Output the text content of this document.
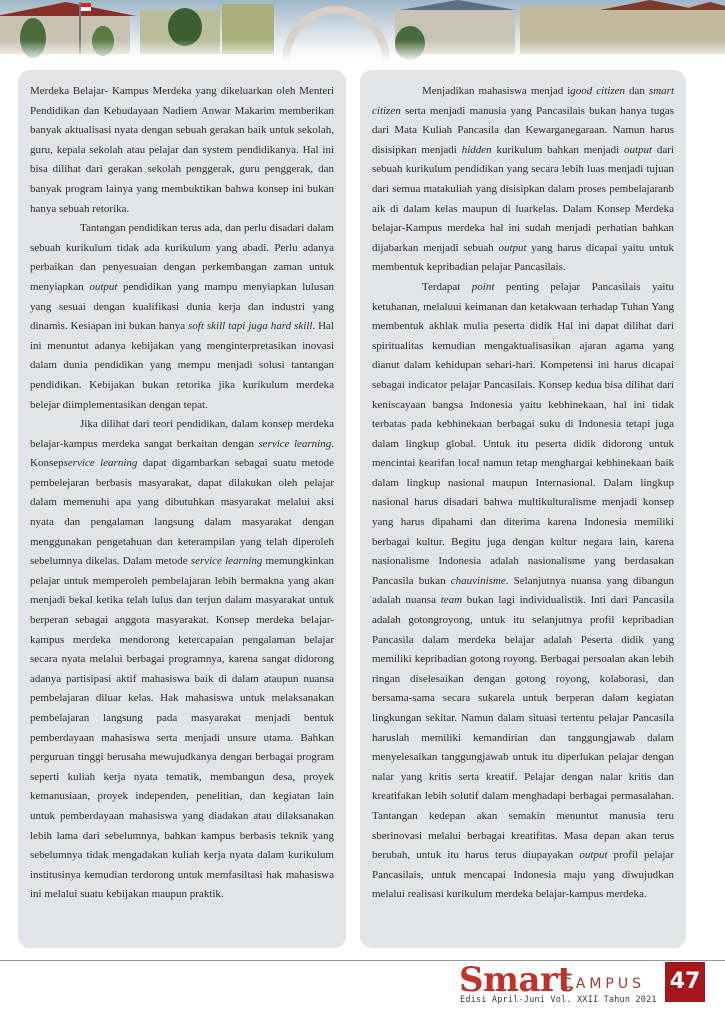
Merdeka Belajar- Kampus Merdeka yang dikeluarkan oleh Menteri Pendidikan dan Kebudayaan Nadiem Anwar Makarim memberikan banyak aktualisasi nyata dengan sebuah gerakan baik untuk sekolah, guru, kepala sekolah atau pelajar dan system pendidikanya. Hal ini bisa dilihat dari gerakan sekolah penggerak, guru penggerak, dan banyak program lainya yang membuktikan bahwa konsep ini bukan hanya sebuah retorika.

Tantangan pendidikan terus ada, dan perlu disadari dalam sebuah kurikulum tidak ada kurikulum yang abadi. Perlu adanya perbaikan dan penyesuaian dengan perkembangan zaman untuk menyiapkan output pendidikan yang mampu menyiapkan lulusan yang sesuai dengan kualifikasi dunia kerja dan industri yang dinamis. Kesiapan ini bukan hanya soft skill tapi juga hard skill. Hal ini menuntut adanya kebijakan yang menginterpretasikan inovasi dalam dunia pendidikan yang mempu menjadi solusi tantangan pendidikan. Kebijakan bukan retorika jika kurikulum merdeka belejar diimplementasikan dengan tepat.

Jika dilihat dari teori pendidikan, dalam konsep merdeka belajar-kampus merdeka sangat berkaitan dengan service learning. Konsepservice learning dapat digambarkan sebagai suatu metode pembelejaran berbasis masyarakat, dapat dilakukan oleh pelajar dalam memenuhi apa yang dibutuhkan masyarakat melalui aksi nyata dan pengalaman langsung dalam masyarakat dengan menggunakan pengetahuan dan keterampilan yang telah diperoleh sebelumnya dikelas. Dalam metode service learning memungkinkan pelajar untuk memperoleh pembelajaran lebih bermakna yang akan menjadi bekal ketika telah lulus dan terjun dalam masyarakat untuk berperan sebagai anggota masyarakat. Konsep merdeka belajar-kampus merdeka mendorong ketercapaian pengalaman belajar secara nyata melalui berbagai programnya, karena sangat didorong adanya partisipasi aktif mahasiswa baik di dalam ataupun nuansa pembelajaran diluar kelas. Hak mahasiswa untuk melaksanakan pembelajaran langsung pada masyarakat menjadi bentuk pemberdayaan mahasiswa serta menjadi unsure utama. Bahkan perguruan tinggi berusaha mewujudkanya dengan berbagai program seperti kuliah kerja nyata tematik, membangun desa, proyek kemanusiaan, proyek independen, penelitian, dan kegiatan lain untuk pemberdayaan mahasiswa yang diadakan atau dilaksanakan lebih lama dari sebelumnya, bahkan kampus berbasis teknik yang sebelumnya tidak mengadakan kuliah kerja nyata dalam kurikulum institusinya kemudian terdorong untuk memfasiltasi hak mahasiswa ini melalui suatu kebijakan maupun praktik.

Menjadikan mahasiswa menjad igood citizen dan smart citizen serta menjadi manusia yang Pancasilais bukan hanya tugas dari Mata Kuliah Pancasila dan Kewarganegaraan. Namun harus disisipkan menjadi hidden kurikulum bahkan menjadi output dari sebuah kurikulum pendidikan yang secara lebih luas menjadi tujuan dari semua matakuliah yang disisipkan dalam proses pembelajaranb aik di dalam kelas maupun di luarkelas. Dalam Konsep Merdeka belajar-Kampus merdeka hal ini sudah menjadi perhatian bahkan dijabarkan menjadi sebuah output yang harus dicapai yaitu untuk membentuk kepribadian pelajar Pancasilais.

Terdapat point penting pelajar Pancasilais yaitu ketuhanan, melaluui keimanan dan ketakwaan terhadap Tuhan Yang membentuk akhlak mulia peserta didik Hal ini dapat dilihat dari spiritualitas kemudian mengaktualisasikan ajaran agama yang dianut dalam kehidupan sehari-hari. Kompetensi ini harus dicapai sebagai indicator pelajar Pancasilais. Konsep kedua bisa dilihat dari keniscayaan bangsa Indonesia yaitu kebhinekaan, hal ini tidak terbatas pada kebhinekaan berbagai suku di Indonesia tetapi juga dalam lingkup global. Untuk itu peserta didik didorong untuk mencintai kearifan local namun tetap menghargai kebhinekaan baik dalam lingkup nasional maupun Internasional. Dalam lingkup nasional harus disadari bahwa multikulturalisme menjadi konsep yang harus dipahami dan diterima karena Indonesia memiliki berbagai kultur. Begitu juga dengan kultur negara lain, karena nasionalisme Indonesia adalah nasionalisme yang berdasakan Pancasila bukan chauvinisme. Selanjutnya nuansa yang dibangun adalah nuansa team bukan lagi individualistik. Inti dari Pancasila adalah gotongroyong, untuk itu selanjutnya profil kepribadian Pancasila dalam merdeka belajar adalah Peserta didik yang memiliki kepribadian gotong royong. Berbagai persoalan akan lebih ringan diselesaikan dengan gotong royong, kolaborasi, dan bersama-sama secara sukarela untuk berperan dalam kegiatan lingkungan sekitar. Namun dalam situasi tertentu pelajar Pancasila haruslah memiliki kemandirian dan tanggungjawab dalam menyelesaikan tanggungjawab untuk itu diperlukan pelajar dengan nalar yang kritis serta kreatif. Pelajar dengan nalar kritis dan kreatifakan lebih solutif dalam menghadapi berbagai permasalahan. Tantangan kedepan akan semakin menuntut manusia teru sberinovasi melalui berbagai kreatifitas. Masa depan akan terus berubah, untuk itu harus terus diupayakan output profil pelajar Pancasilais, untuk mencapai Indonesia maju yang diwujudkan melalui realisasi kurikulum merdeka belajar-kampus merdeka.

Smart
CAMPUS
Edisi April-Juni Vol. XXII Tahun 2021
47
